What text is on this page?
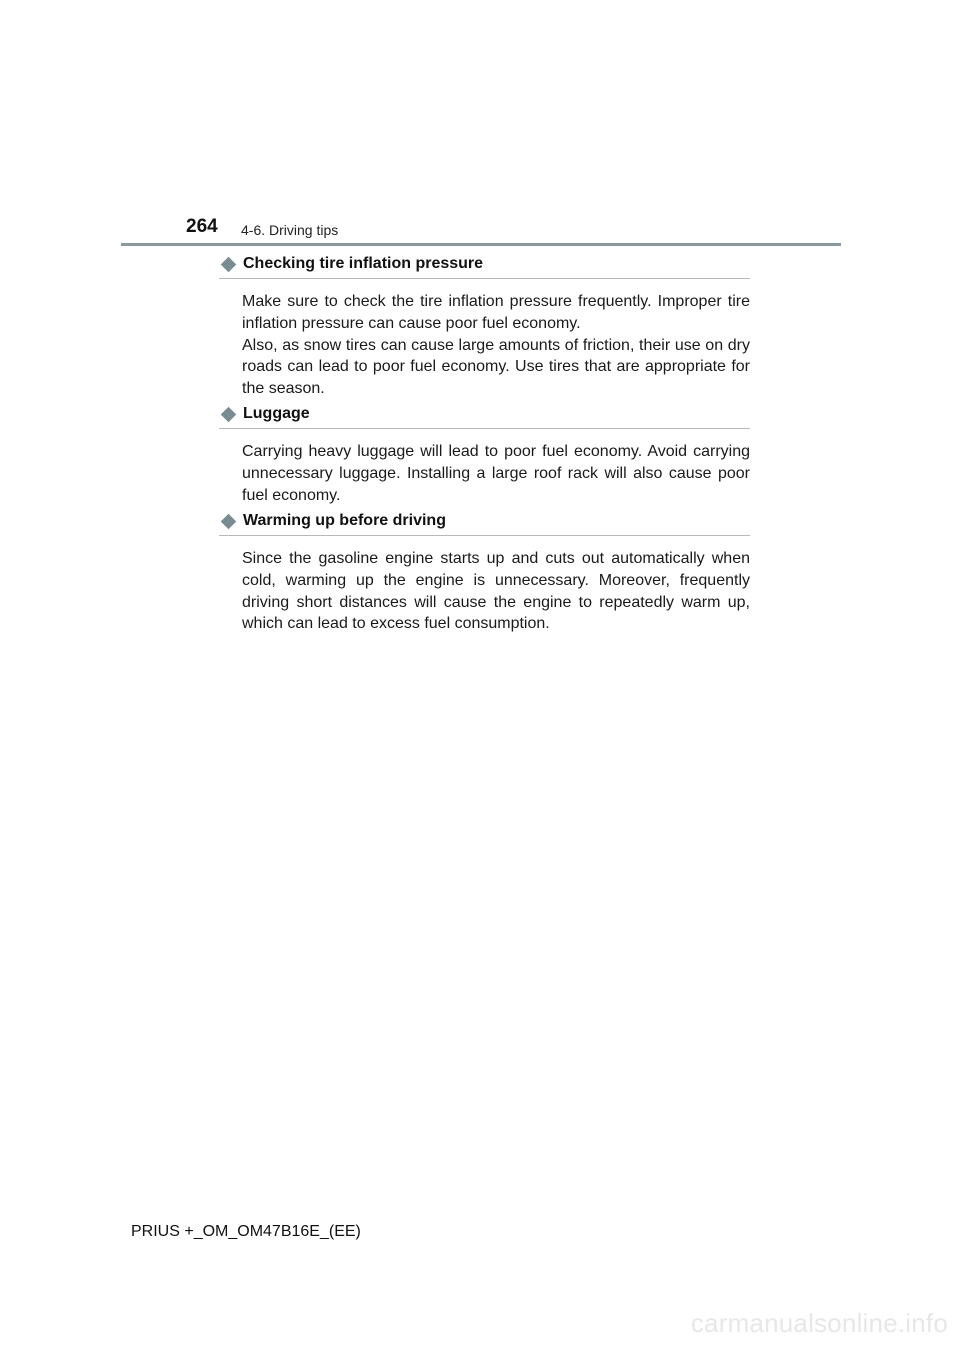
264 4-6. Driving tips
Checking tire inflation pressure

Make sure to check the tire inflation pressure frequently. Improper tire inflation pressure can cause poor fuel economy.

Also, as snow tires can cause large amounts of friction, their use on dry roads can lead to poor fuel economy. Use tires that are appropriate for the season.

Luggage

Carrying heavy luggage will lead to poor fuel economy. Avoid carrying unnecessary luggage. Installing a large roof rack will also cause poor fuel economy.

Warming up before driving

Since the gasoline engine starts up and cuts out automatically when cold, warming up the engine is unnecessary. Moreover, frequently driving short distances will cause the engine to repeatedly warm up, which can lead to excess fuel consumption.

PRIUS +_OM_OM47B16E_(EE)
carmanualsonline.info
